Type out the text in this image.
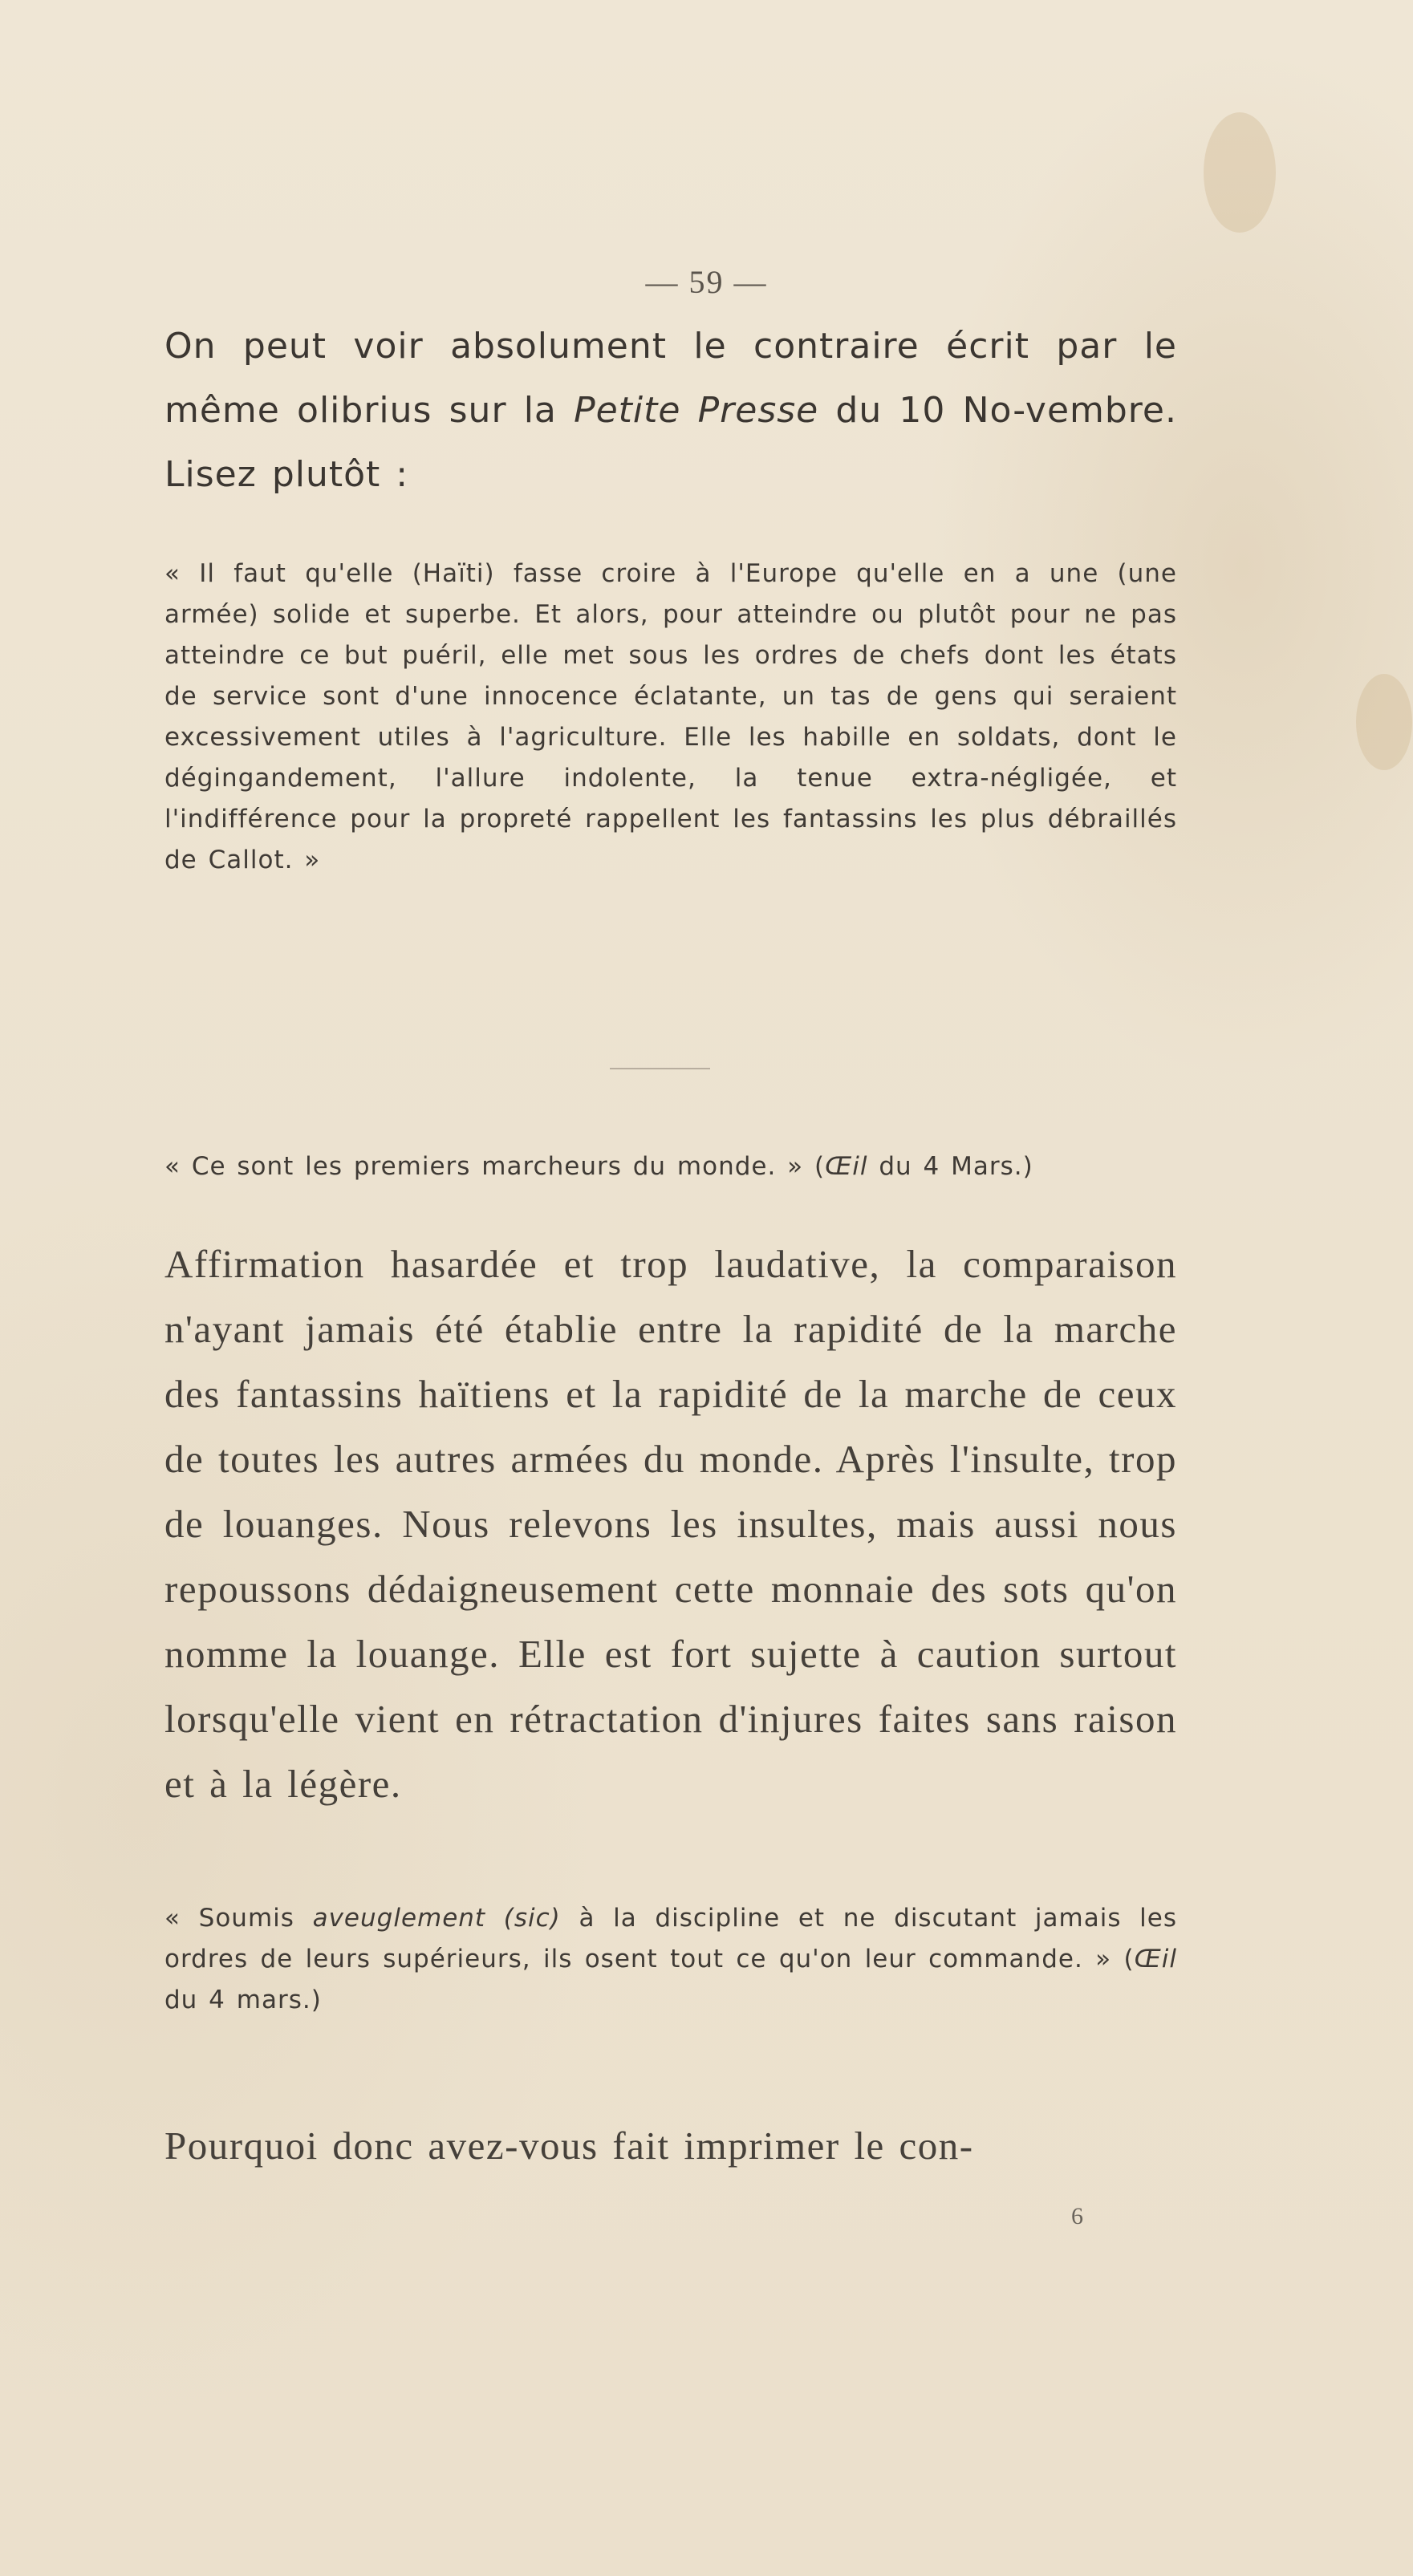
— 59 —
On peut voir absolument le contraire écrit par le même olibrius sur la Petite Presse du 10 No-vembre. Lisez plutôt :
« Il faut qu'elle (Haïti) fasse croire à l'Europe qu'elle en a une (une armée) solide et superbe. Et alors, pour atteindre ou plutôt pour ne pas atteindre ce but puéril, elle met sous les ordres de chefs dont les états de service sont d'une innocence éclatante, un tas de gens qui seraient excessivement utiles à l'agriculture. Elle les habille en soldats, dont le dégingandement, l'allure indolente, la tenue extra-négligée, et l'indifférence pour la propreté rappellent les fantassins les plus débraillés de Callot. »
« Ce sont les premiers marcheurs du monde. » (Œil du 4 Mars.)
Affirmation hasardée et trop laudative, la comparaison n'ayant jamais été établie entre la rapidité de la marche des fantassins haïtiens et la rapidité de la marche de ceux de toutes les autres armées du monde. Après l'insulte, trop de louanges. Nous relevons les insultes, mais aussi nous repoussons dédaigneusement cette monnaie des sots qu'on nomme la louange. Elle est fort sujette à caution surtout lorsqu'elle vient en rétractation d'injures faites sans raison et à la légère.
« Soumis aveuglement (sic) à la discipline et ne discutant jamais les ordres de leurs supérieurs, ils osent tout ce qu'on leur commande. » (Œil du 4 mars.)
Pourquoi donc avez-vous fait imprimer le con-
6
